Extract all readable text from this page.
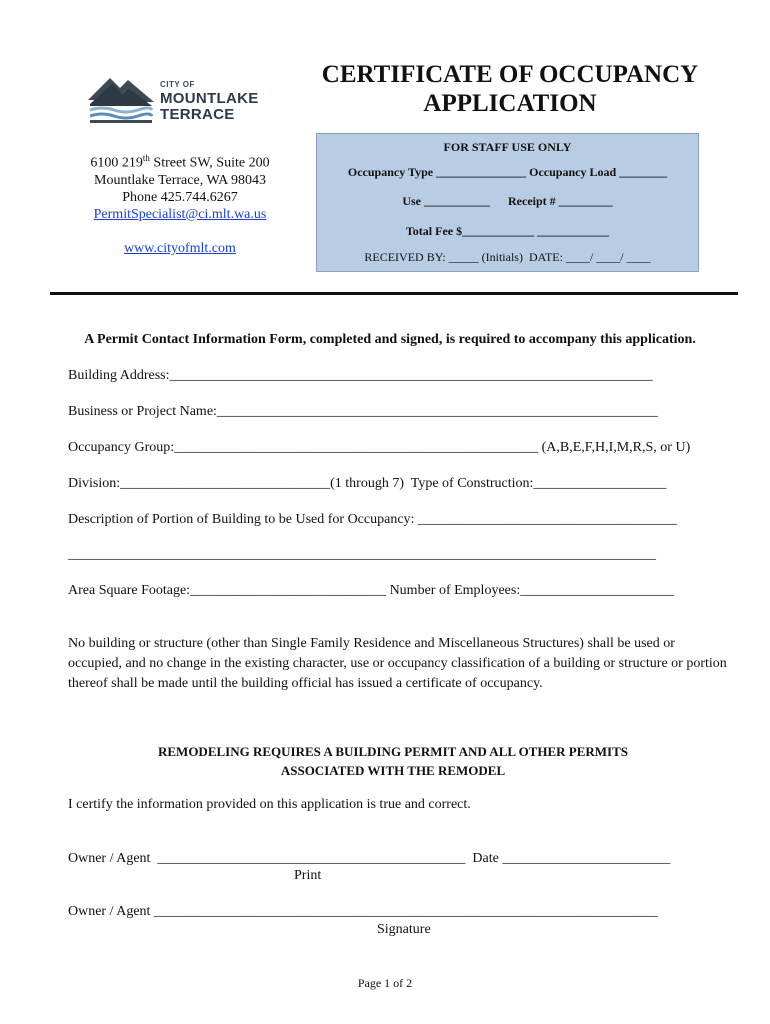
CITY OF
MOUNTLAKE
TERRACE
CERTIFICATE OF OCCUPANCY
APPLICATION
6100 219th Street SW, Suite 200
Mountlake Terrace, WA 98043
Phone 425.744.6267
PermitSpecialist@ci.mlt.wa.us
www.cityofmlt.com
FOR STAFF USE ONLY
Occupancy Type _______________ Occupancy Load ________
Use ___________      Receipt # _________
Total Fee $____________ ____________
RECEIVED BY: _____ (Initials)  DATE: ____/ ____/ ____
A Permit Contact Information Form, completed and signed, is required to accompany this application.
Building Address:_____________________________________________________________________
Business or Project Name:_______________________________________________________________
Occupancy Group:____________________________________________________ (A,B,E,F,H,I,M,R,S, or U)
Division:______________________________(1 through 7)  Type of Construction:___________________
Description of Portion of Building to be Used for Occupancy: _____________________________________
____________________________________________________________________________________
Area Square Footage:____________________________ Number of Employees:______________________
No building or structure (other than Single Family Residence and Miscellaneous Structures) shall be used or occupied, and no change in the existing character, use or occupancy classification of a building or structure or portion thereof shall be made until the building official has issued a certificate of occupancy.
REMODELING REQUIRES A BUILDING PERMIT AND ALL OTHER PERMITS
ASSOCIATED WITH THE REMODEL
I certify the information provided on this application is true and correct.
Owner / Agent  ____________________________________________  Date ________________________
Print
Owner / Agent ________________________________________________________________________
Signature
Page 1 of 2
